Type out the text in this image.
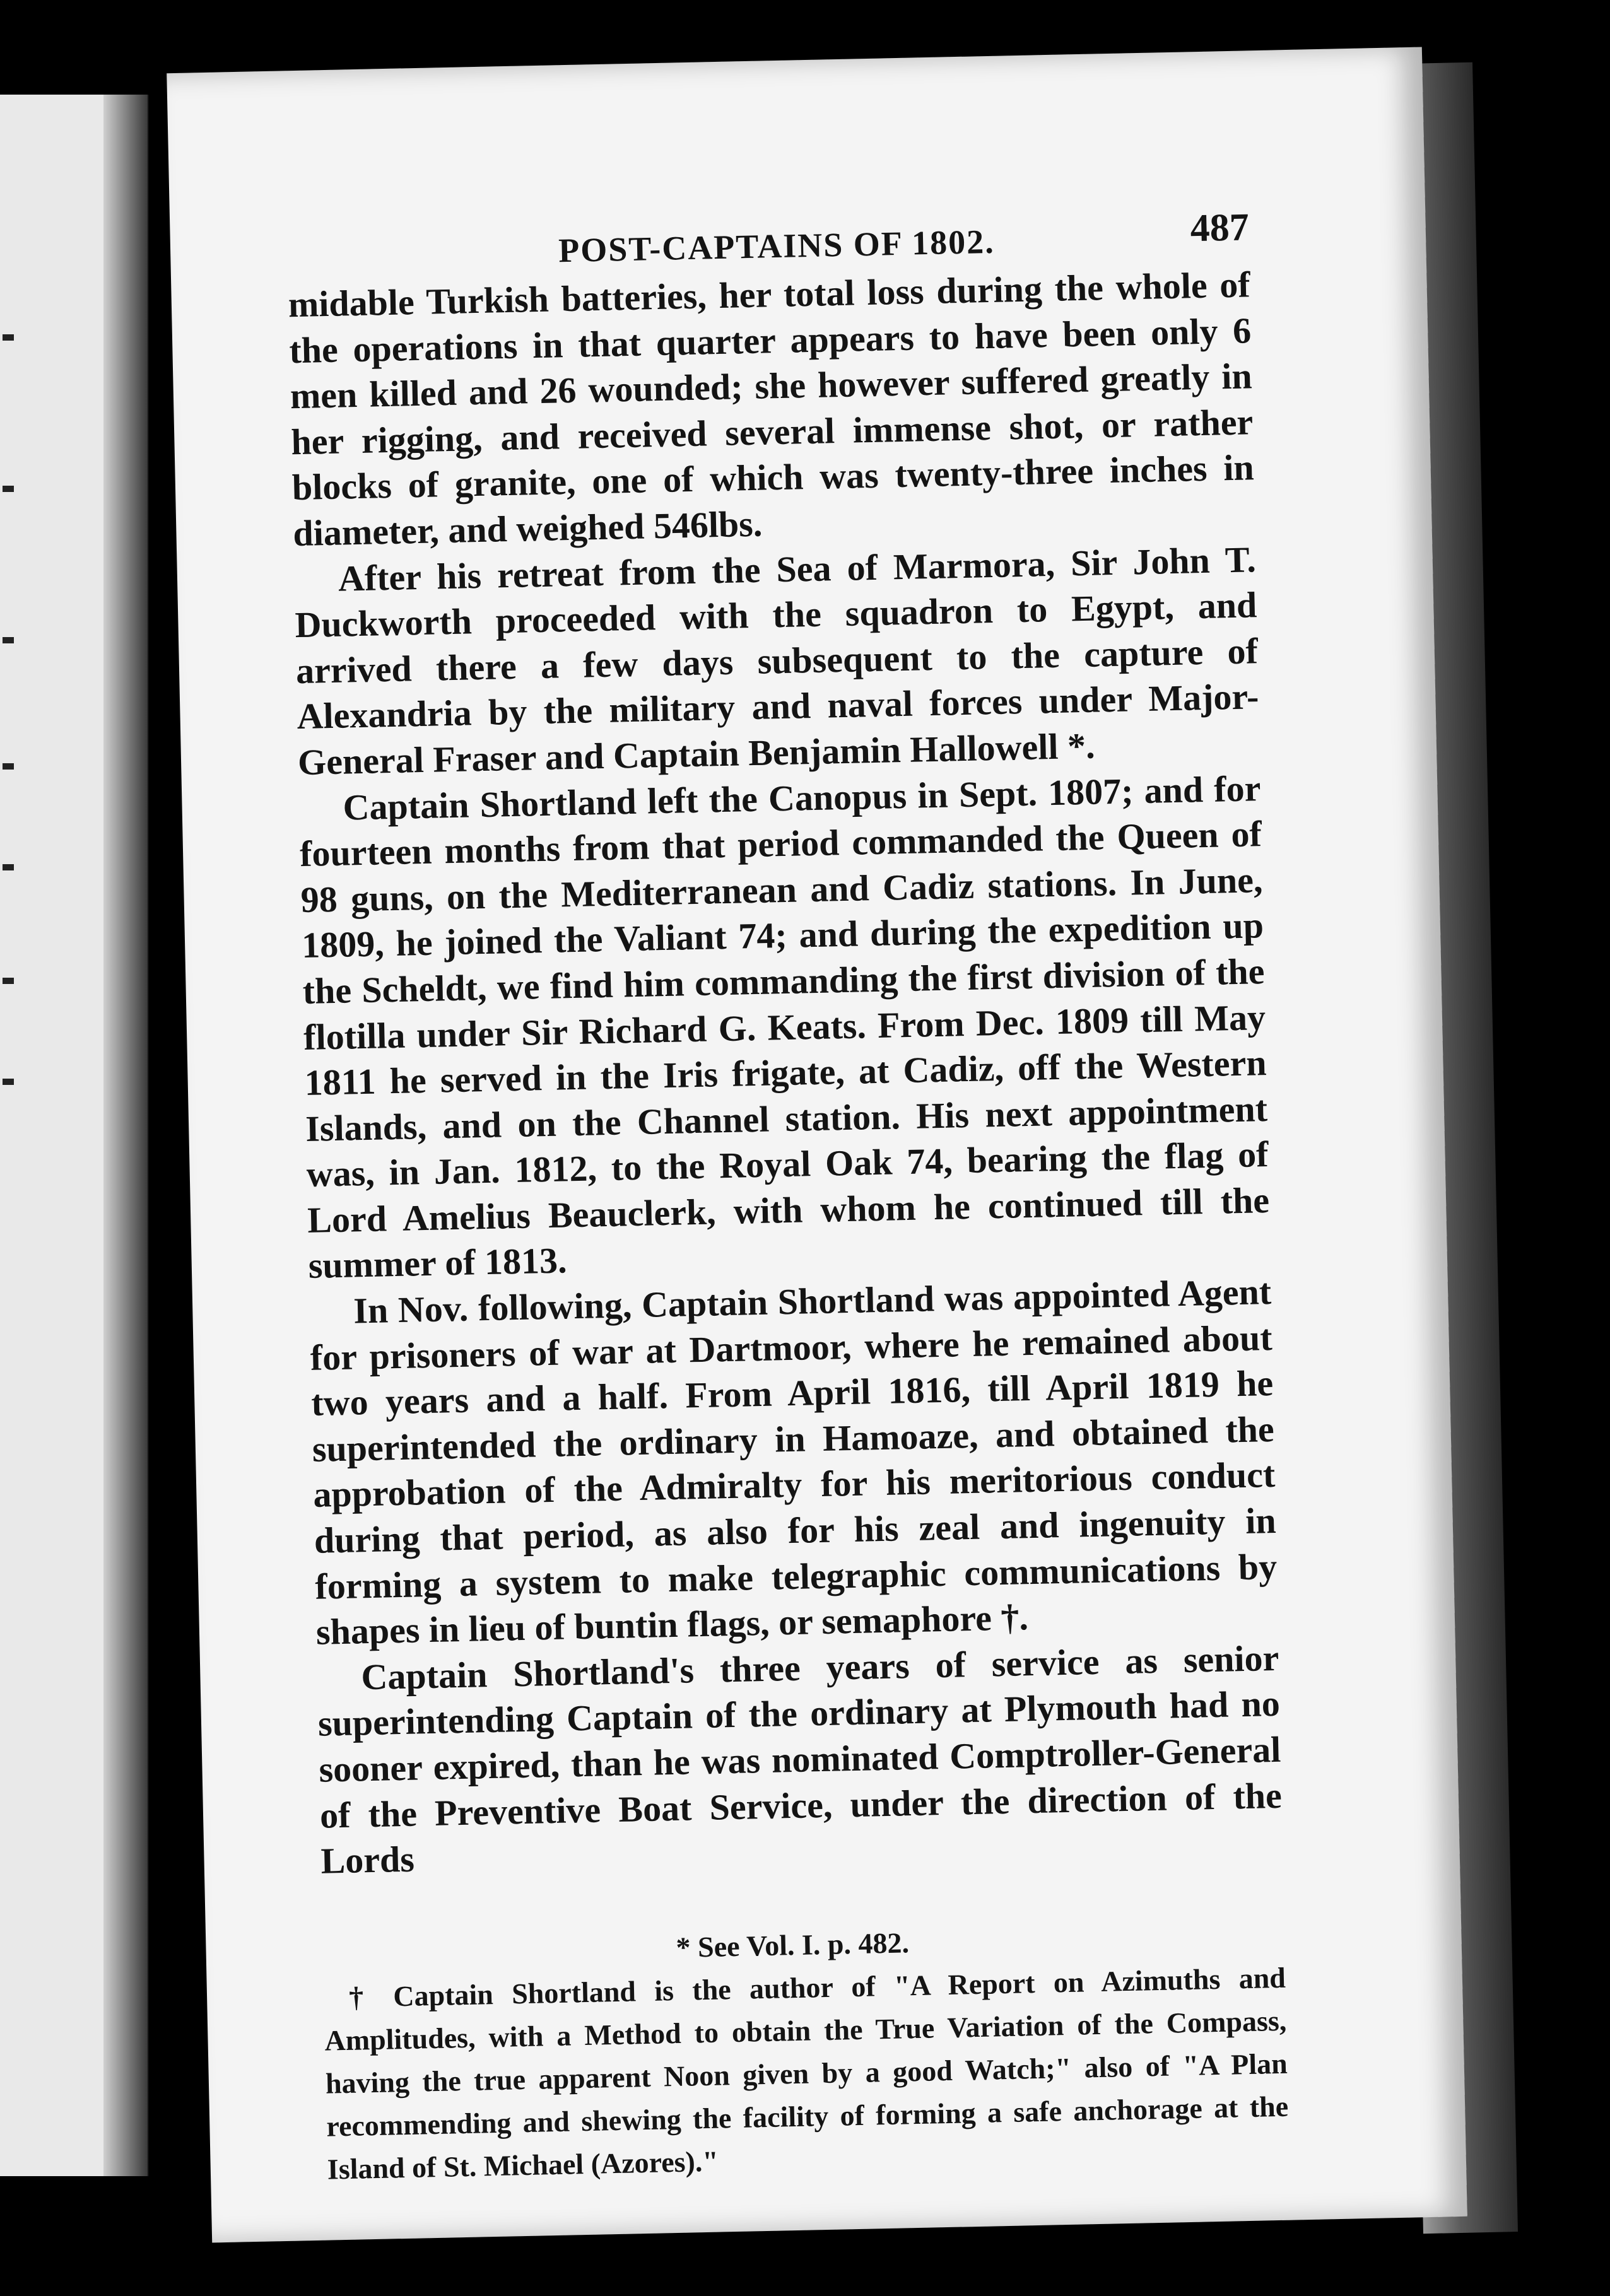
POST-CAPTAINS OF 1802.	487

midable Turkish batteries, her total loss during the whole of the operations in that quarter appears to have been only 6 men killed and 26 wounded; she however suffered greatly in her rigging, and received several immense shot, or rather blocks of granite, one of which was twenty-three inches in diameter, and weighed 546lbs.

After his retreat from the Sea of Marmora, Sir John T. Duckworth proceeded with the squadron to Egypt, and arrived there a few days subsequent to the capture of Alexandria by the military and naval forces under Major-General Fraser and Captain Benjamin Hallowell *.

Captain Shortland left the Canopus in Sept. 1807; and for fourteen months from that period commanded the Queen of 98 guns, on the Mediterranean and Cadiz stations. In June, 1809, he joined the Valiant 74; and during the expedition up the Scheldt, we find him commanding the first division of the flotilla under Sir Richard G. Keats. From Dec. 1809 till May 1811 he served in the Iris frigate, at Cadiz, off the Western Islands, and on the Channel station. His next appointment was, in Jan. 1812, to the Royal Oak 74, bearing the flag of Lord Amelius Beauclerk, with whom he continued till the summer of 1813.

In Nov. following, Captain Shortland was appointed Agent for prisoners of war at Dartmoor, where he remained about two years and a half. From April 1816, till April 1819 he superintended the ordinary in Hamoaze, and obtained the approbation of the Admiralty for his meritorious conduct during that period, as also for his zeal and ingenuity in forming a system to make telegraphic communications by shapes in lieu of buntin flags, or semaphore †.

Captain Shortland's three years of service as senior superintending Captain of the ordinary at Plymouth had no sooner expired, than he was nominated Comptroller-General of the Preventive Boat Service, under the direction of the Lords

* See Vol. I. p. 482.

† Captain Shortland is the author of "A Report on Azimuths and Amplitudes, with a Method to obtain the True Variation of the Compass, having the true apparent Noon given by a good Watch;" also of "A Plan recommending and shewing the facility of forming a safe anchorage at the Island of St. Michael (Azores)."
